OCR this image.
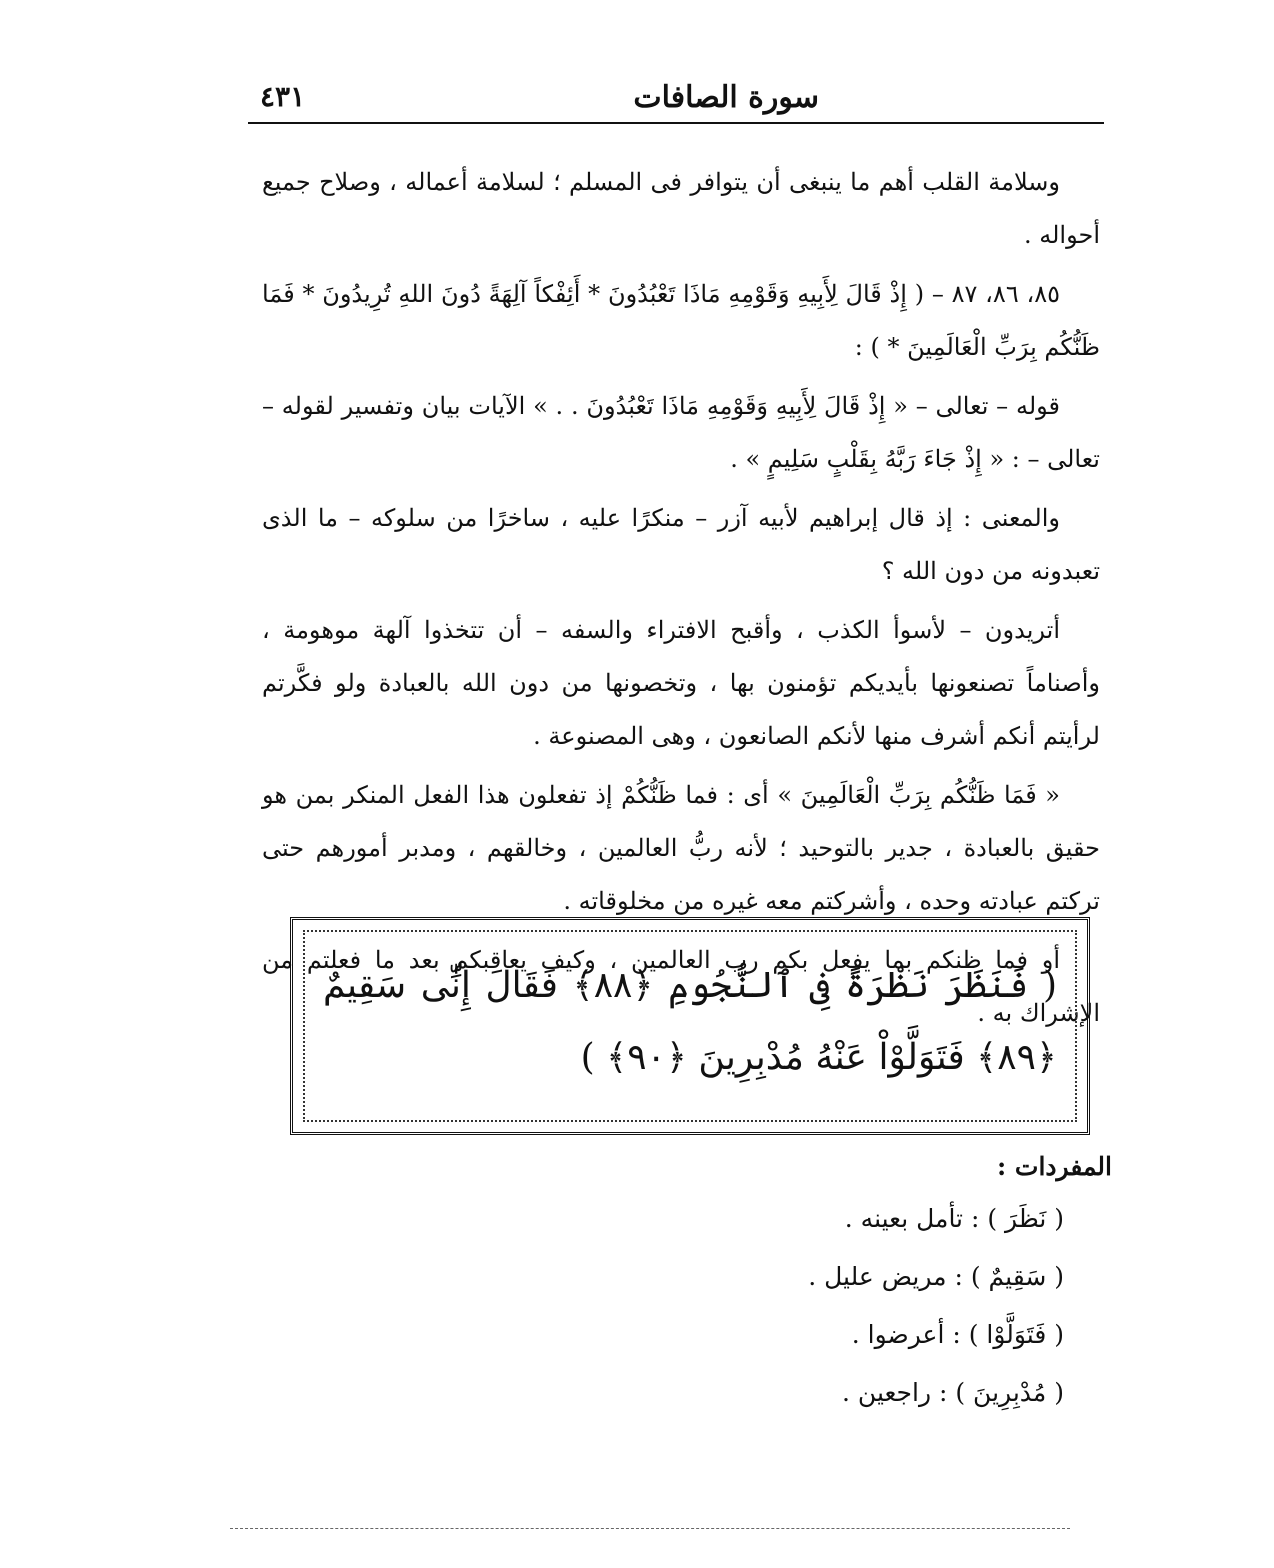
سورة الصافات
٤٣١

وسلامة القلب أهم ما ينبغى أن يتوافر فى المسلم ؛ لسلامة أعماله ، وصلاح جميع أحواله .

٨٥، ٨٦، ٨٧ – ( إِذْ قَالَ لِأَبِيهِ وَقَوْمِهِ مَاذَا تَعْبُدُونَ * أَئِفْكاً آلِهَةً دُونَ اللهِ تُرِيدُونَ * فَمَا ظَنُّكُم بِرَبِّ الْعَالَمِينَ * ) :

قوله – تعالى – « إِذْ قَالَ لِأَبِيهِ وَقَوْمِهِ مَاذَا تَعْبُدُونَ . . » الآيات بيان وتفسير لقوله – تعالى – : « إِذْ جَاءَ رَبَّهُ بِقَلْبٍ سَلِيمٍ » .

والمعنى : إذ قال إبراهيم لأبيه آزر – منكرًا عليه ، ساخرًا من سلوكه – ما الذى تعبدونه من دون الله ؟

أتريدون – لأسوأ الكذب ، وأقبح الافتراء والسفه – أن تتخذوا آلهة موهومة ، وأصناماً تصنعونها بأيديكم تؤمنون بها ، وتخصونها من دون الله بالعبادة ولو فكَّرتم لرأيتم أنكم أشرف منها لأنكم الصانعون ، وهى المصنوعة .

« فَمَا ظَنُّكُم بِرَبِّ الْعَالَمِينَ » أى : فما ظَنُّكُمْ إذ تفعلون هذا الفعل المنكر بمن هو حقيق بالعبادة ، جدير بالتوحيد ؛ لأنه ربُّ العالمين ، وخالقهم ، ومدبر أمورهم حتى تركتم عبادته وحده ، وأشركتم معه غيره من مخلوقاته .

أو فما ظنكم بما يفعل بكم رب العالمين ، وكيف يعاقبكم بعد ما فعلتم من الإشراك به .

( فَنَظَرَ نَظْرَةً فِى ٱلنُّجُومِ ﴿٨٨﴾ فَقَالَ إِنِّى سَقِيمٌ ﴿٨٩﴾ فَتَوَلَّوْاْ عَنْهُ مُدْبِرِينَ ﴿٩٠﴾ )
المفردات :
( نَظَرَ ) : تأمل بعينه .
( سَقِيمٌ ) : مريض عليل .
( فَتَوَلَّوْا ) : أعرضوا .
( مُدْبِرِينَ ) : راجعين .
